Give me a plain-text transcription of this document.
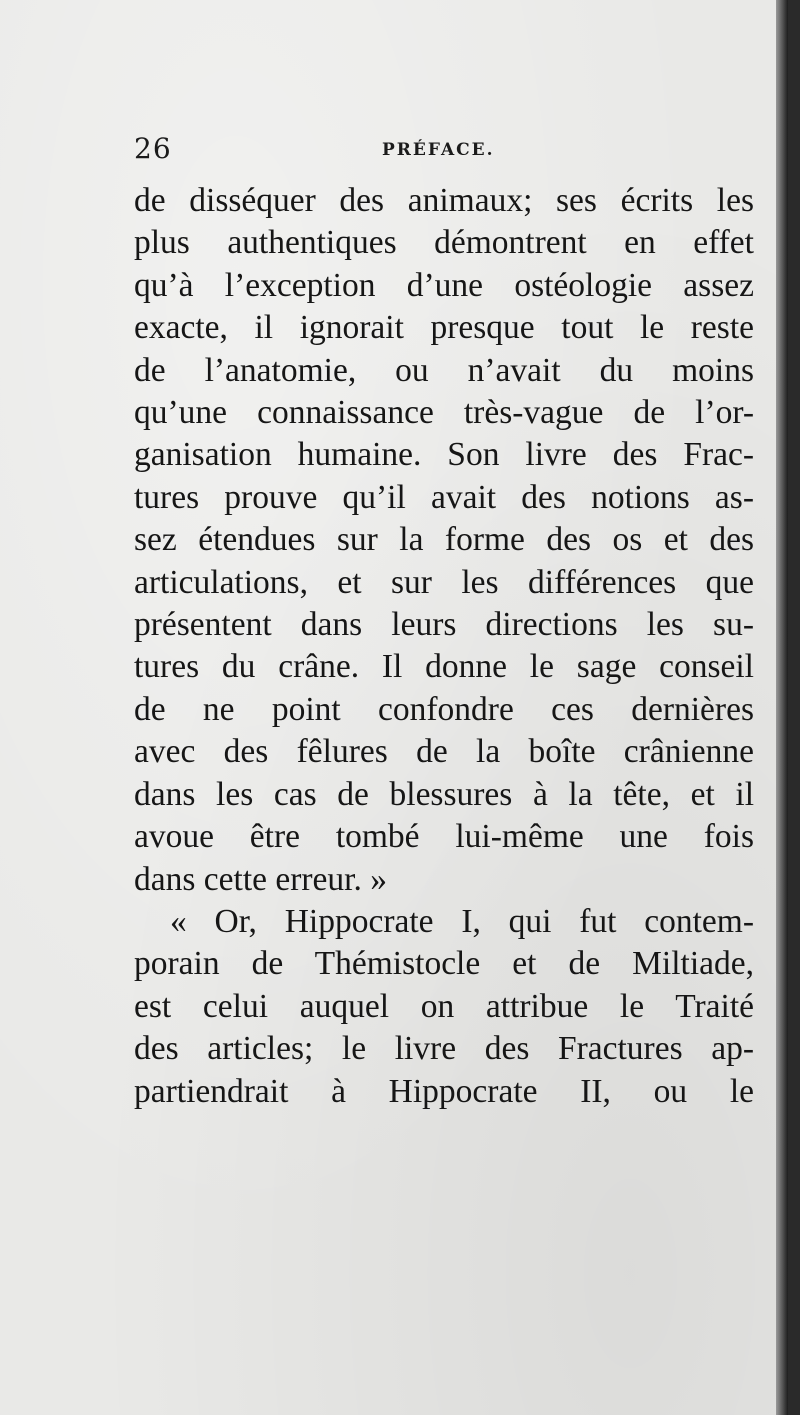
26	PRÉFACE.
de disséquer des animaux; ses écrits les
plus authentiques démontrent en effet
qu’à l’exception d’une ostéologie assez
exacte, il ignorait presque tout le reste
de l’anatomie, ou n’avait du moins
qu’une connaissance très-vague de l’or-
ganisation humaine. Son livre des Frac-
tures prouve qu’il avait des notions as-
sez étendues sur la forme des os et des
articulations, et sur les différences que
présentent dans leurs directions les su-
tures du crâne. Il donne le sage conseil
de ne point confondre ces dernières
avec des fêlures de la boîte crânienne
dans les cas de blessures à la tête, et il
avoue être tombé lui-même une fois
dans cette erreur. »
« Or, Hippocrate I, qui fut contem-
porain de Thémistocle et de Miltiade,
est celui auquel on attribue le Traité
des articles; le livre des Fractures ap-
partiendrait à Hippocrate II, ou le
